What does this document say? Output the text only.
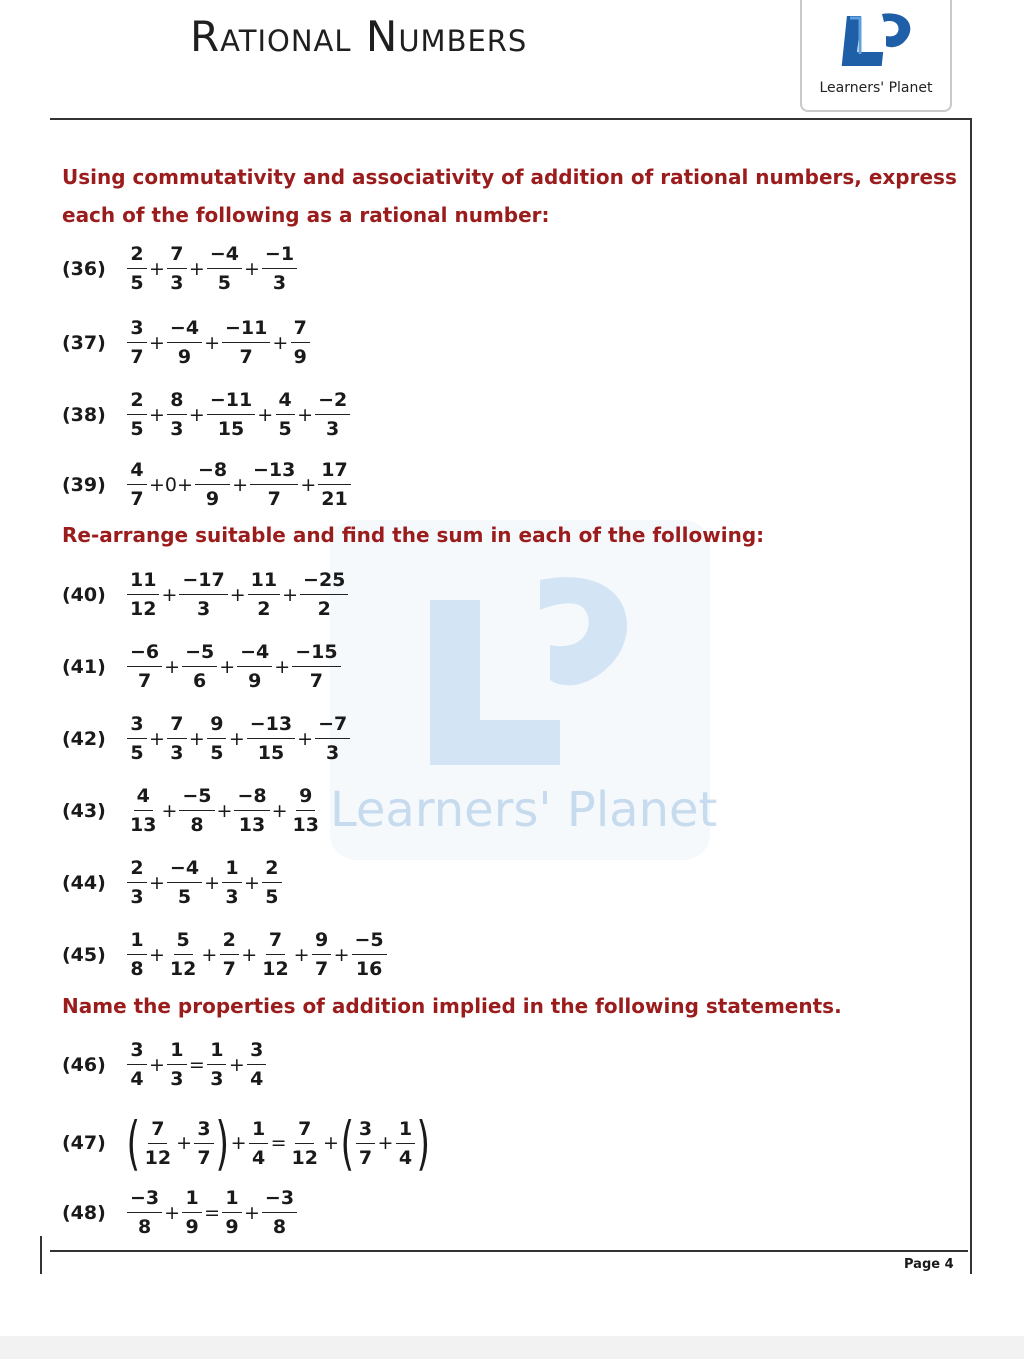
Rational Numbers
Learners' Planet
Learners' Planet
Using commutativity and associativity of addition of rational numbers, express each of the following as a rational number:
Re-arrange suitable and find the sum in each of the following:
Name the properties of addition implied in the following statements.
(36)	$\frac{2}{5} + \frac{7}{3} + \frac{-4}{5} + \frac{-1}{3}$
(37)	$\frac{3}{7} + \frac{-4}{9} + \frac{-11}{7} + \frac{7}{9}$
(38)	$\frac{2}{5} + \frac{8}{3} + \frac{-11}{15} + \frac{4}{5} + \frac{-2}{3}$
(39)	$\frac{4}{7} +0+ \frac{-8}{9} + \frac{-13}{7} + \frac{17}{21}$
(40)	$\frac{11}{12} + \frac{-17}{3} + \frac{11}{2} + \frac{-25}{2}$
(41)	$\frac{-6}{7} + \frac{-5}{6} + \frac{-4}{9} + \frac{-15}{7}$
(42)	$\frac{3}{5} + \frac{7}{3} + \frac{9}{5} + \frac{-13}{15} + \frac{-7}{3}$
(43)	$\frac{4}{13} + \frac{-5}{8} + \frac{-8}{13} + \frac{9}{13}$
(44)	$\frac{2}{3} + \frac{-4}{5} + \frac{1}{3} + \frac{2}{5}$
(45)	$\frac{1}{8} + \frac{5}{12} + \frac{2}{7} + \frac{7}{12} + \frac{9}{7} + \frac{-5}{16}$
(46)	$\frac{3}{4} + \frac{1}{3} = \frac{1}{3} + \frac{3}{4}$
(47) ( $\frac{7}{12} + \frac{3}{7}$ ) + $\frac{1}{4} = \frac{7}{12}$ + ( $\frac{3}{7} + \frac{1}{4}$ )
(48)	$\frac{-3}{8} + \frac{1}{9} = \frac{1}{9} + \frac{-3}{8}$
Page 4
